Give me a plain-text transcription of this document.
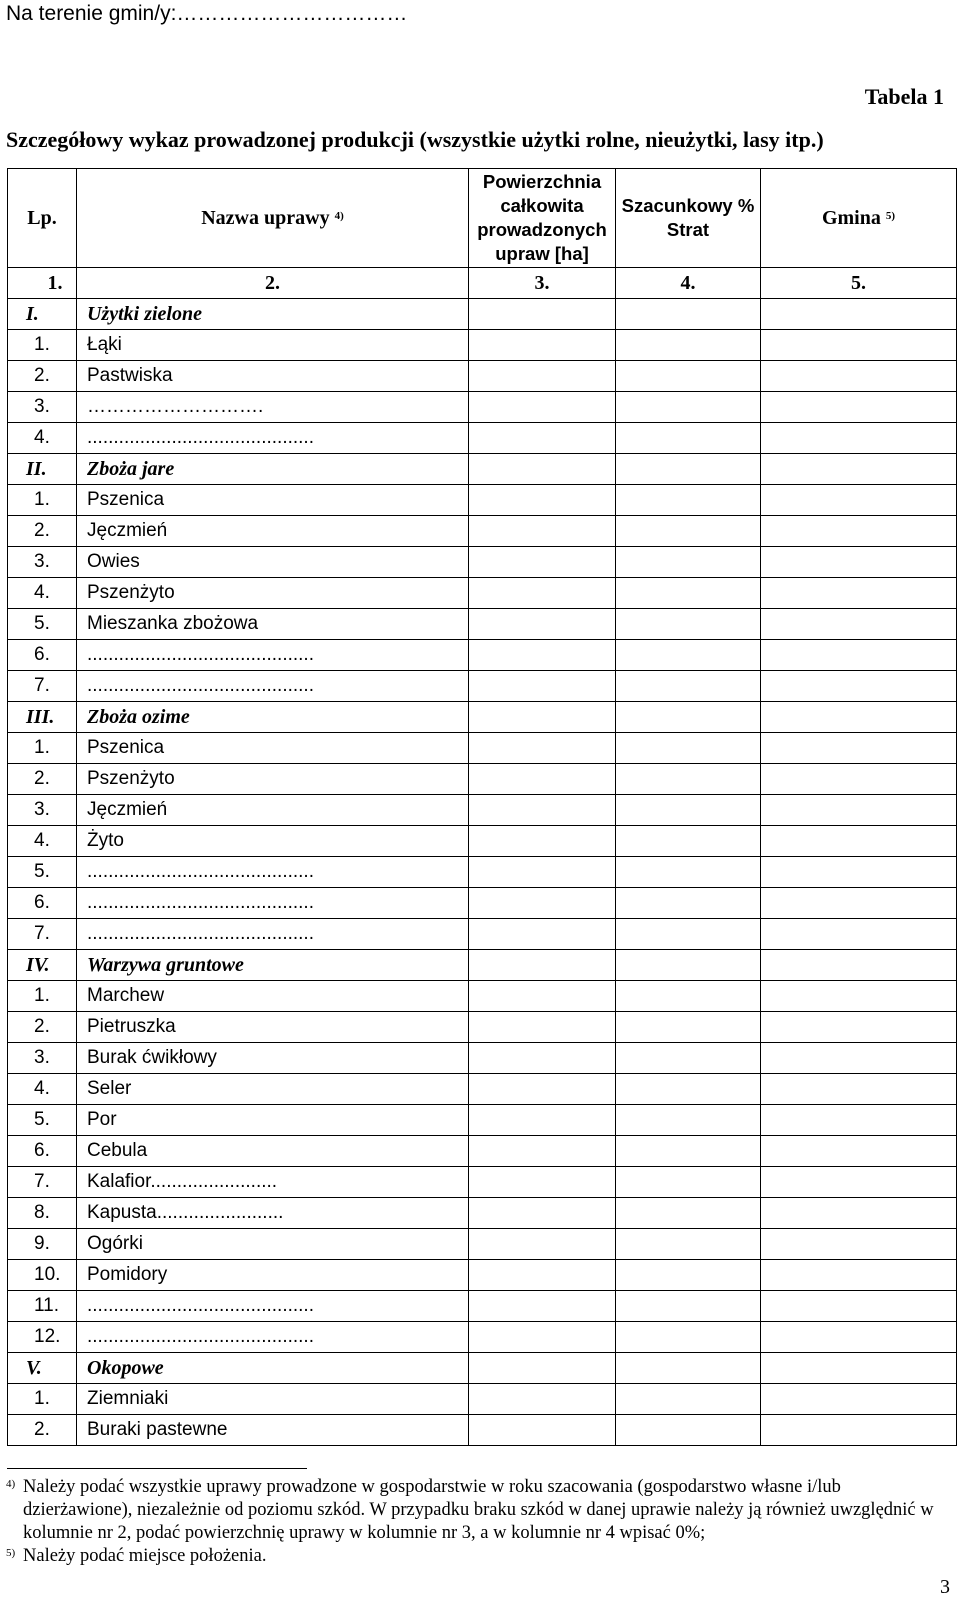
Na terenie gmin/y:……………………………
Tabela 1
Szczegółowy wykaz prowadzonej produkcji (wszystkie użytki rolne, nieużytki, lasy itp.)
Lp.	Nazwa uprawy $^{4)}$	Powierzchnia całkowita prowadzonych upraw [ha]	Szacunkowy % Strat	Gmina $^{5)}$
1.	2.	3.	4.	5.
I.	Użytki zielone			
1.	Łąki			
2.	Pastwiska			
3.	……………………….			
4.	...........................................			
II.	Zboża jare			
1.	Pszenica			
2.	Jęczmień			
3.	Owies			
4.	Pszenżyto			
5.	Mieszanka zbożowa			
6.	...........................................			
7.	...........................................			
III.	Zboża ozime			
1.	Pszenica			
2.	Pszenżyto			
3.	Jęczmień			
4.	Żyto			
5.	...........................................			
6.	...........................................			
7.	...........................................			
IV.	Warzywa gruntowe			
1.	Marchew			
2.	Pietruszka			
3.	Burak ćwikłowy			
4.	Seler			
5.	Por			
6.	Cebula			
7.	Kalafior........................			
8.	Kapusta........................			
9.	Ogórki			
10.	Pomidory			
11.	...........................................			
12.	...........................................			
V.	Okopowe			
1.	Ziemniaki			
2.	Buraki pastewne			
4) Należy podać wszystkie uprawy prowadzone w gospodarstwie w roku szacowania (gospodarstwo własne i/lub dzierżawione), niezależnie od poziomu szkód. W przypadku braku szkód w danej uprawie należy ją również uwzględnić w kolumnie nr 2, podać powierzchnię uprawy w kolumnie nr 3, a w kolumnie nr 4 wpisać 0%;
5) Należy podać miejsce położenia.
3
